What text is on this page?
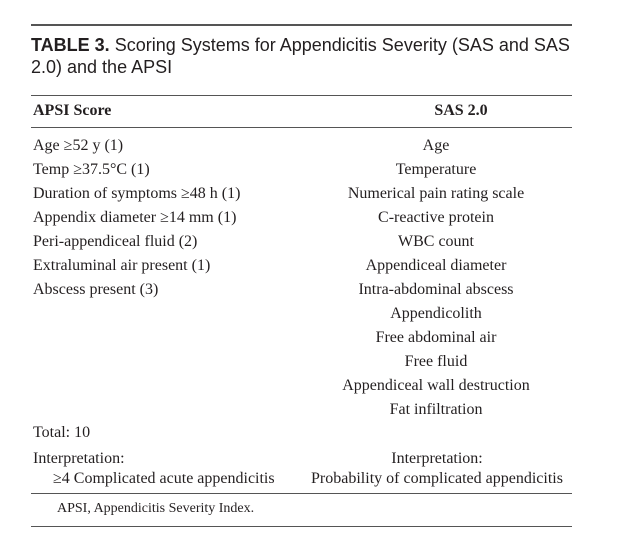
TABLE 3. Scoring Systems for Appendicitis Severity (SAS and SAS 2.0) and the APSI
APSI Score	SAS 2.0
Age ≥52 y (1)
Temp ≥37.5°C (1)
Duration of symptoms ≥48 h (1)
Appendix diameter ≥14 mm (1)
Peri-appendiceal fluid (2)
Extraluminal air present (1)
Abscess present (3)
Age
Temperature
Numerical pain rating scale
C-reactive protein
WBC count
Appendiceal diameter
Intra-abdominal abscess
Appendicolith
Free abdominal air
Free fluid
Appendiceal wall destruction
Fat infiltration
Total: 10
Interpretation:
≥4 Complicated acute appendicitis
Interpretation:
Probability of complicated appendicitis
APSI, Appendicitis Severity Index.
